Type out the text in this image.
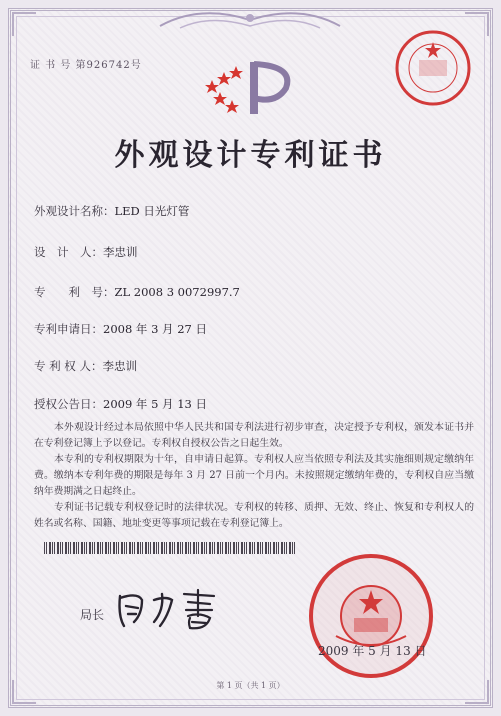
证 书 号 第926742号
外观设计专利证书
外观设计名称：LED 日光灯管
设　计　人：李忠训
专　　利　号：ZL 2008 3 0072997.7
专利申请日：2008 年 3 月 27 日
专 利 权 人：李忠训
授权公告日：2009 年 5 月 13 日
本外观设计经过本局依照中华人民共和国专利法进行初步审查，决定授予专利权，颁发本证书并在专利登记簿上予以登记。专利权自授权公告之日起生效。
本专利的专利权期限为十年，自申请日起算。专利权人应当依照专利法及其实施细则规定缴纳年费。缴纳本专利年费的期限是每年 3 月 27 日前一个月内。未按照规定缴纳年费的，专利权自应当缴纳年费期满之日起终止。
专利证书记载专利权登记时的法律状况。专利权的转移、质押、无效、终止、恢复和专利权人的姓名或名称、国籍、地址变更等事项记载在专利登记簿上。
局长
2009 年 5 月 13 日
第 1 页（共 1 页）
